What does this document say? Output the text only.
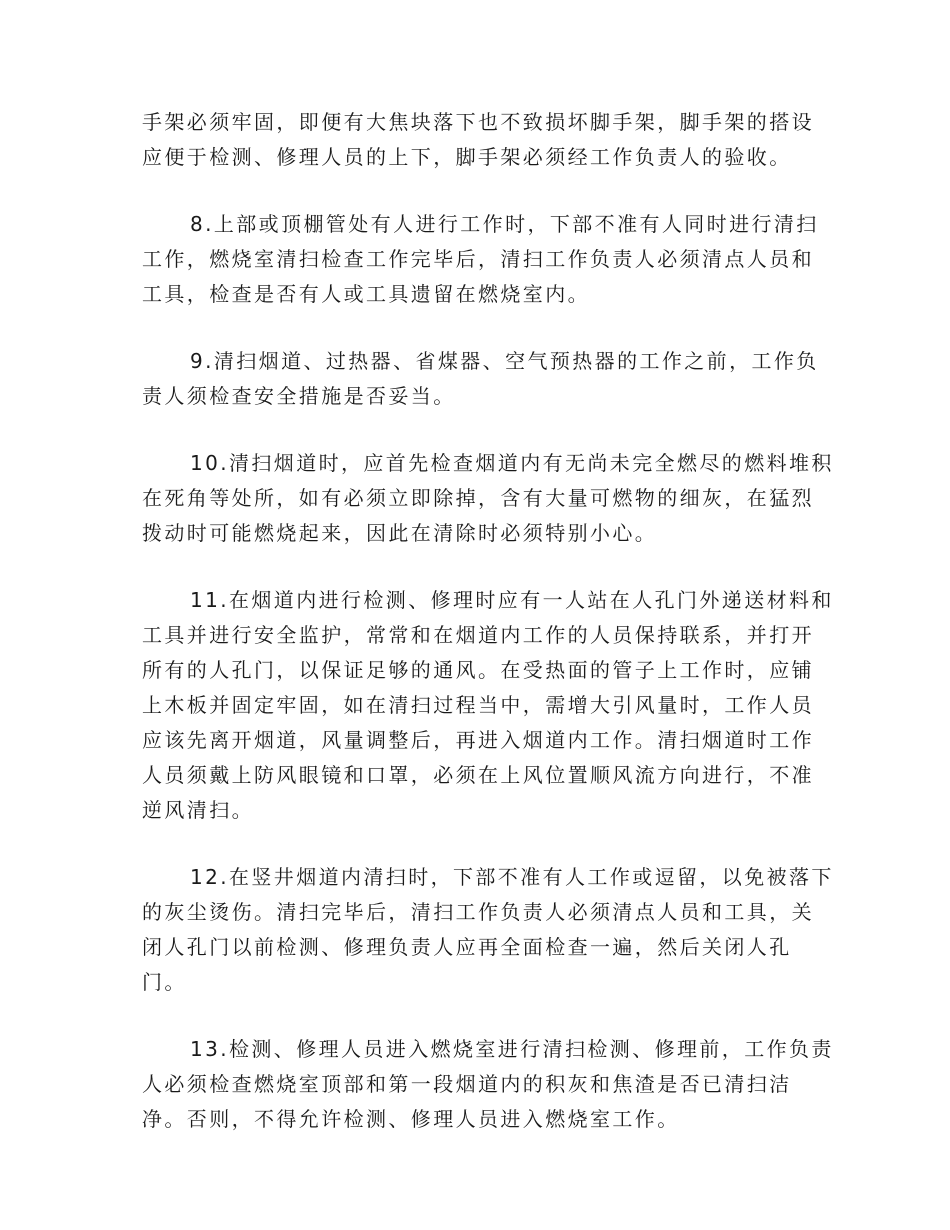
手架必须牢固，即便有大焦块落下也不致损坏脚手架，脚手架的搭设
应便于检测、修理人员的上下，脚手架必须经工作负责人的验收。

8.上部或顶棚管处有人进行工作时，下部不准有人同时进行清扫
工作，燃烧室清扫检查工作完毕后，清扫工作负责人必须清点人员和
工具，检查是否有人或工具遗留在燃烧室内。

9.清扫烟道、过热器、省煤器、空气预热器的工作之前，工作负
责人须检查安全措施是否妥当。

10.清扫烟道时，应首先检查烟道内有无尚未完全燃尽的燃料堆积
在死角等处所，如有必须立即除掉，含有大量可燃物的细灰，在猛烈
拨动时可能燃烧起来，因此在清除时必须特别小心。

11.在烟道内进行检测、修理时应有一人站在人孔门外递送材料和
工具并进行安全监护，常常和在烟道内工作的人员保持联系，并打开
所有的人孔门，以保证足够的通风。在受热面的管子上工作时，应铺
上木板并固定牢固，如在清扫过程当中，需增大引风量时，工作人员
应该先离开烟道，风量调整后，再进入烟道内工作。清扫烟道时工作
人员须戴上防风眼镜和口罩，必须在上风位置顺风流方向进行，不准
逆风清扫。

12.在竖井烟道内清扫时，下部不准有人工作或逗留，以免被落下
的灰尘烫伤。清扫完毕后，清扫工作负责人必须清点人员和工具，关
闭人孔门以前检测、修理负责人应再全面检查一遍，然后关闭人孔
门。

13.检测、修理人员进入燃烧室进行清扫检测、修理前，工作负责
人必须检查燃烧室顶部和第一段烟道内的积灰和焦渣是否已清扫洁
净。否则，不得允许检测、修理人员进入燃烧室工作。
